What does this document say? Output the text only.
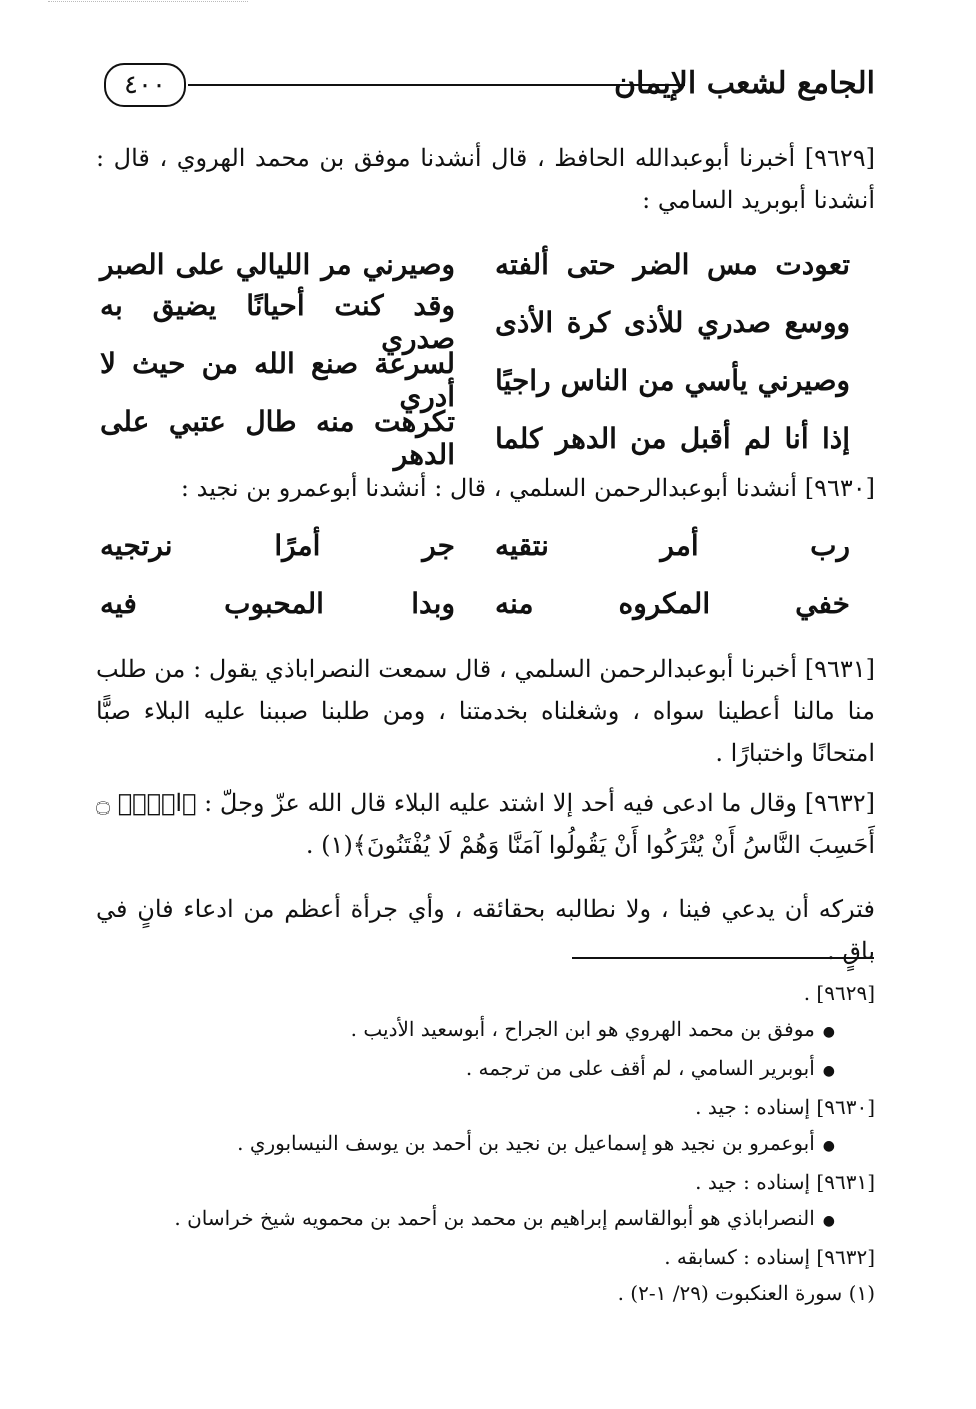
٤٠٠	الجامع لشعب الإيمان
[٩٦٢٩] أخبرنا أبوعبدالله الحافظ ، قال أنشدنا موفق بن محمد الهروي ، قال : أنشدنا أبوبريد السامي :
تعودت مس الضر حتى ألفته
وصيرني مر الليالي على الصبر
ووسع صدري للأذى كرة الأذى
وقد كنت أحيانًا يضيق به صدري
وصيرني يأسي من الناس راجيًا
لسرعة صنع الله من حيث لا أدري
إذا أنا لم أقبل من الدهر كلما
تكرهت منه طال عتبي على الدهر
[٩٦٣٠] أنشدنا أبوعبدالرحمن السلمي ، قال : أنشدنا أبوعمرو بن نجيد :
رب أمر نتقيه
جر أمرًا نرتجيه
خفي المكروه منه
وبدا المحبوب فيه
[٩٦٣١] أخبرنا أبوعبدالرحمن السلمي ، قال سمعت النصراباذي يقول : من طلب منا مالنا أعطينا سواه ، وشغلناه بخدمتنا ، ومن طلبنا صببنا عليه البلاء صبًّا امتحانًا واختبارًا .
[٩٦٣٢] وقال ما ادعى فيه أحد إلا اشتد عليه البلاء قال الله عزّ وجلّ : ﴿الۤمۤ ۝ أَحَسِبَ النَّاسُ أَنْ يُتْرَكُوا أَنْ يَقُولُوا آمَنَّا وَهُمْ لَا يُفْتَنُونَ﴾(١) .
فتركه أن يدعي فينا ، ولا نطالبه بحقائقه ، وأي جرأة أعظم من ادعاء فانٍ في باقٍ .
[٩٦٢٩] .
● موفق بن محمد الهروي هو ابن الجراح ، أبوسعيد الأديب .
● أبوبرير السامي ، لم أقف على من ترجمه .
[٩٦٣٠] إسناده : جيد .
● أبوعمرو بن نجيد هو إسماعيل بن نجيد بن أحمد بن يوسف النيسابوري .
[٩٦٣١] إسناده : جيد .
● النصراباذي هو أبوالقاسم إبراهيم بن محمد بن أحمد بن محمويه شيخ خراسان .
[٩٦٣٢] إسناده : كسابقه .
(١) سورة العنكبوت (٢٩/ ١-٢) .
